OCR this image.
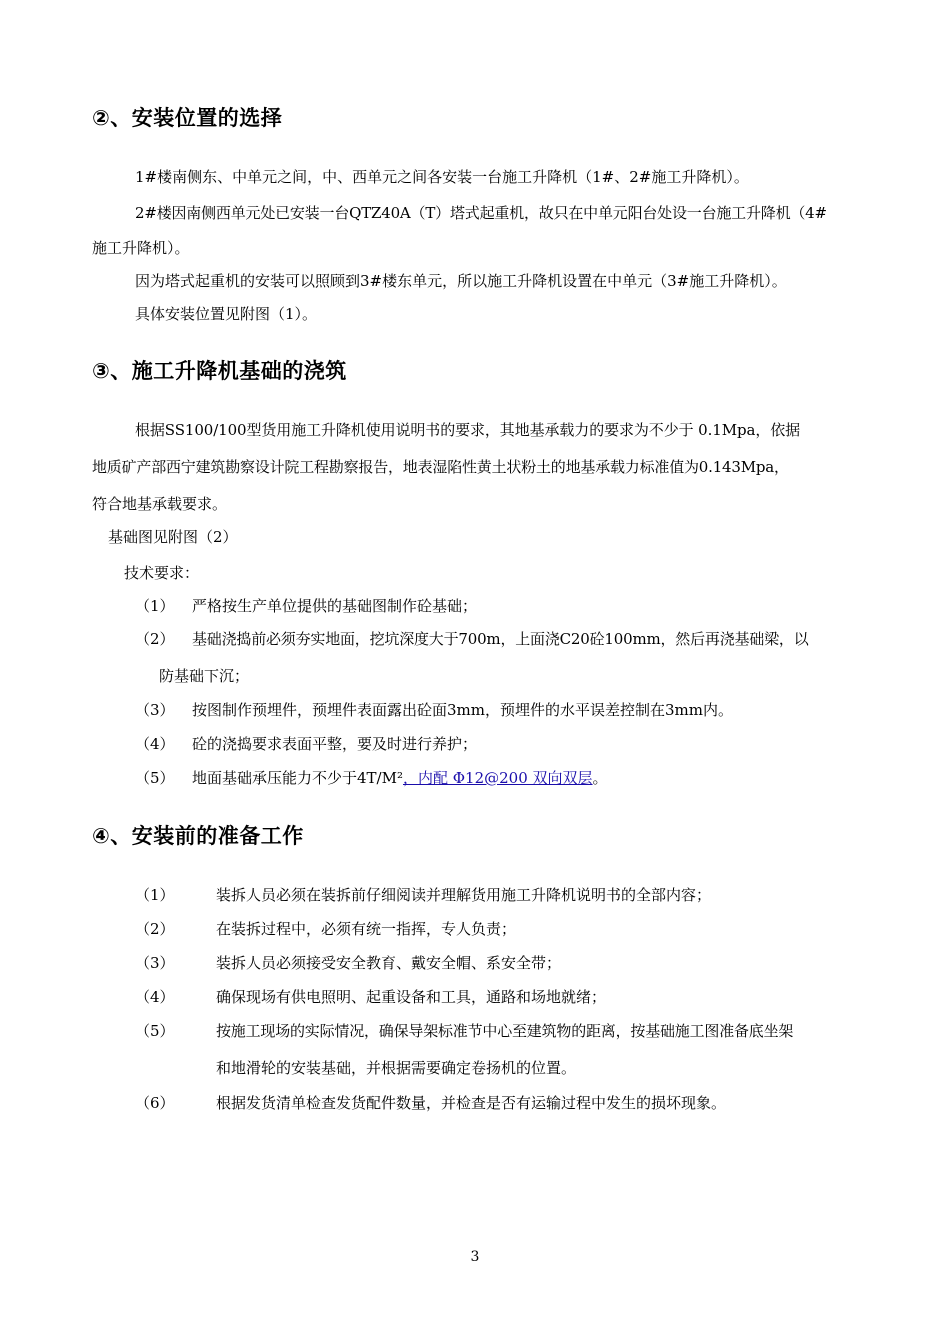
②、安装位置的选择
1#楼南侧东、中单元之间，中、西单元之间各安装一台施工升降机（1#、2#施工升降机）。
2#楼因南侧西单元处已安装一台QTZ40A（T）塔式起重机，故只在中单元阳台处设一台施工升降机（4#
施工升降机）。
因为塔式起重机的安装可以照顾到3#楼东单元，所以施工升降机设置在中单元（3#施工升降机）。
具体安装位置见附图（1）。
③、施工升降机基础的浇筑
根据SS100/100型货用施工升降机使用说明书的要求，其地基承载力的要求为不少于 0.1Mpa，依据
地质矿产部西宁建筑勘察设计院工程勘察报告，地表湿陷性黄土状粉土的地基承载力标准值为0.143Mpa，
符合地基承载要求。
基础图见附图（2）
技术要求：
（1） 严格按生产单位提供的基础图制作砼基础；
（2） 基础浇捣前必须夯实地面，挖坑深度大于700m，上面浇C20砼100mm，然后再浇基础梁，以
防基础下沉；
（3） 按图制作预埋件，预埋件表面露出砼面3mm，预埋件的水平误差控制在3mm内。
（4） 砼的浇捣要求表面平整，要及时进行养护；
（5） 地面基础承压能力不少于4T/M²，内配 Φ12@200 双向双层。
④、安装前的准备工作
（1）	装拆人员必须在装拆前仔细阅读并理解货用施工升降机说明书的全部内容；
（2）	在装拆过程中，必须有统一指挥，专人负责；
（3）	装拆人员必须接受安全教育、戴安全帽、系安全带；
（4）	确保现场有供电照明、起重设备和工具，通路和场地就绪；
（5）	按施工现场的实际情况，确保导架标准节中心至建筑物的距离，按基础施工图准备底坐架
和地滑轮的安装基础，并根据需要确定卷扬机的位置。
（6）	根据发货清单检查发货配件数量，并检查是否有运输过程中发生的损坏现象。
3
